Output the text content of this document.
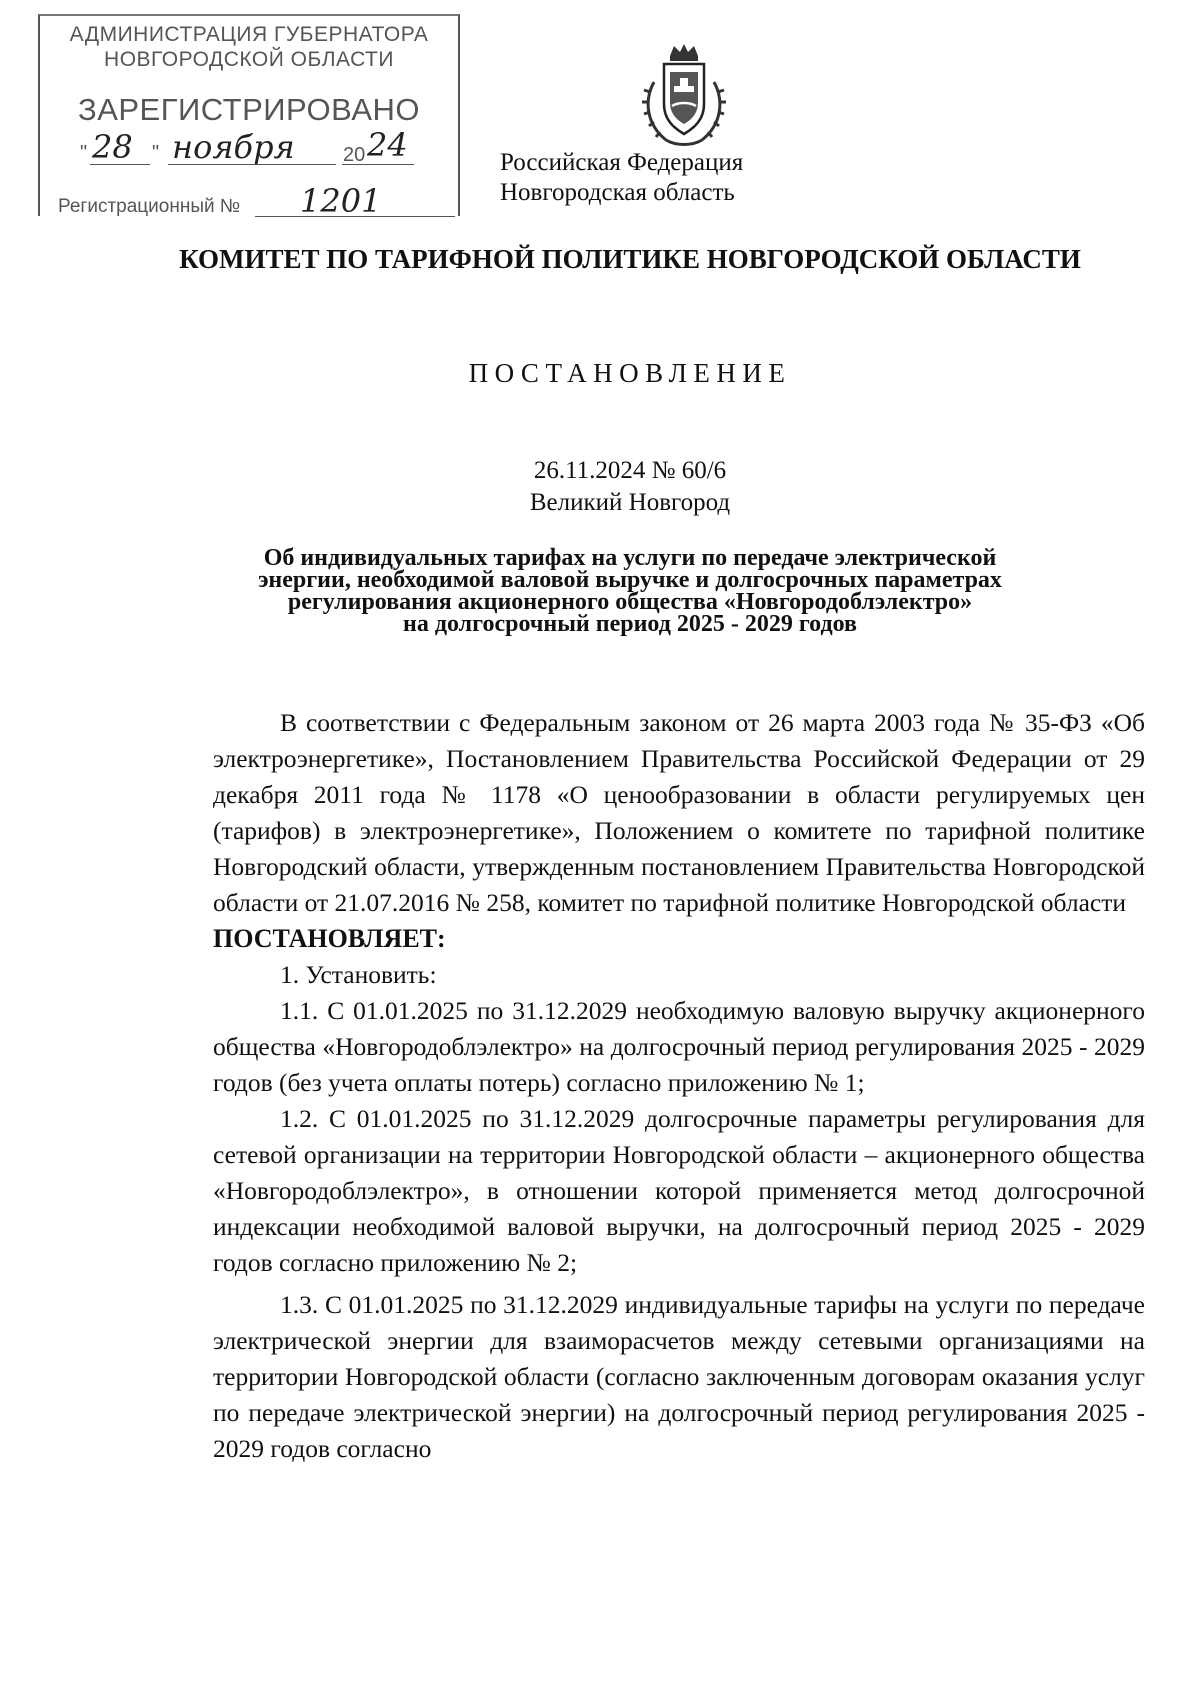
АДМИНИСТРАЦИЯ ГУБЕРНАТОРА
НОВГОРОДСКОЙ ОБЛАСТИ
ЗАРЕГИСТРИРОВАНО
" 28 " ноября 20 24
Регистрационный № 1201
Российская Федерация
Новгородская область
КОМИТЕТ ПО ТАРИФНОЙ ПОЛИТИКЕ НОВГОРОДСКОЙ ОБЛАСТИ
ПОСТАНОВЛЕНИЕ
26.11.2024 № 60/6
Великий Новгород
Об индивидуальных тарифах на услуги по передаче электрической
энергии, необходимой валовой выручке и долгосрочных параметрах
регулирования акционерного общества «Новгородоблэлектро»
на долгосрочный период 2025 - 2029 годов

В соответствии с Федеральным законом от 26 марта 2003 года № 35-ФЗ «Об электроэнергетике», Постановлением Правительства Российской Федерации от 29 декабря 2011 года № 1178 «О ценообразовании в области регулируемых цен (тарифов) в электроэнергетике», Положением о комитете по тарифной политике Новгородский области, утвержденным постановлением Правительства Новгородской области от 21.07.2016 № 258, комитет по тарифной политике Новгородской области

ПОСТАНОВЛЯЕТ:

1. Установить:

1.1. С 01.01.2025 по 31.12.2029 необходимую валовую выручку акционерного общества «Новгородоблэлектро» на долгосрочный период регулирования 2025 - 2029 годов (без учета оплаты потерь) согласно приложению № 1;

1.2. С 01.01.2025 по 31.12.2029 долгосрочные параметры регулирования для сетевой организации на территории Новгородской области – акционерного общества «Новгородоблэлектро», в отношении которой применяется метод долгосрочной индексации необходимой валовой выручки, на долгосрочный период 2025 - 2029 годов согласно приложению № 2;

1.3. С 01.01.2025 по 31.12.2029 индивидуальные тарифы на услуги по передаче электрической энергии для взаиморасчетов между сетевыми организациями на территории Новгородской области (согласно заключенным договорам оказания услуг по передаче электрической энергии) на долгосрочный период регулирования 2025 - 2029 годов согласно
